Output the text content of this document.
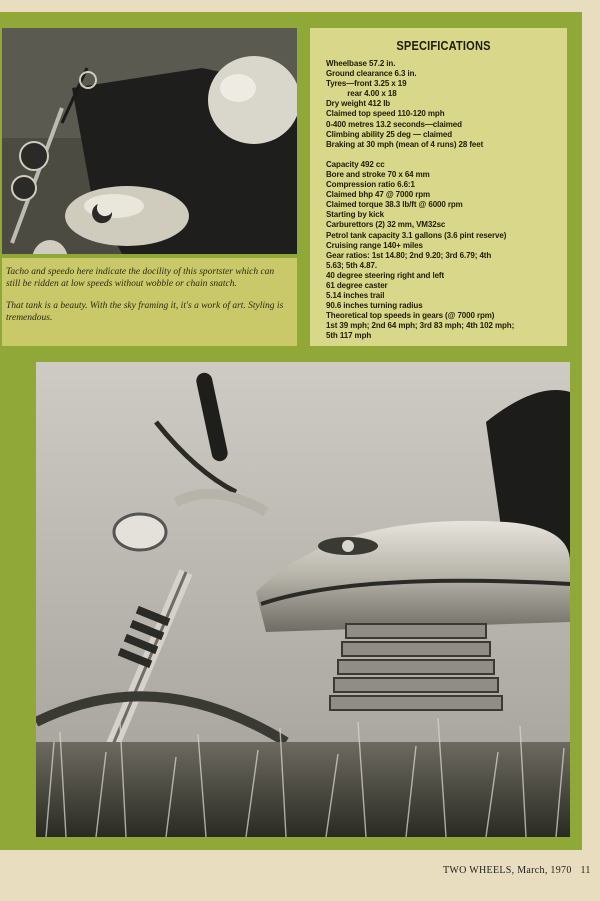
Tacho and speedo here indicate the docility of this sportster which can still be ridden at low speeds without wobble or chain snatch.

That tank is a beauty. With the sky framing it, it's a work of art. Styling is tremendous.

SPECIFICATIONS
Wheelbase 57.2 in.
Ground clearance 6.3 in.
Tyres—front 3.25 x 19
rear 4.00 x 18
Dry weight 412 lb
Claimed top speed 110-120 mph
0-400 metres 13.2 seconds—claimed
Climbing ability 25 deg — claimed
Braking at 30 mph (mean of 4 runs) 28 feet
Capacity 492 cc
Bore and stroke 70 x 64 mm
Compression ratio 6.6:1
Claimed bhp 47 @ 7000 rpm
Claimed torque 38.3 lb/ft @ 6000 rpm
Starting by kick
Carburettors (2) 32 mm, VM32sc
Petrol tank capacity 3.1 gallons (3.6 pint reserve)
Cruising range 140+ miles
Gear ratios: 1st 14.80; 2nd 9.20; 3rd 6.79; 4th
5.63; 5th 4.87.
40 degree steering right and left
61 degree caster
5.14 inches trail
90.6 inches turning radius
Theoretical top speeds in gears (@ 7000 rpm)
1st 39 mph; 2nd 64 mph; 3rd 83 mph; 4th 102 mph;
5th 117 mph
TWO WHEELS, March, 1970 11
